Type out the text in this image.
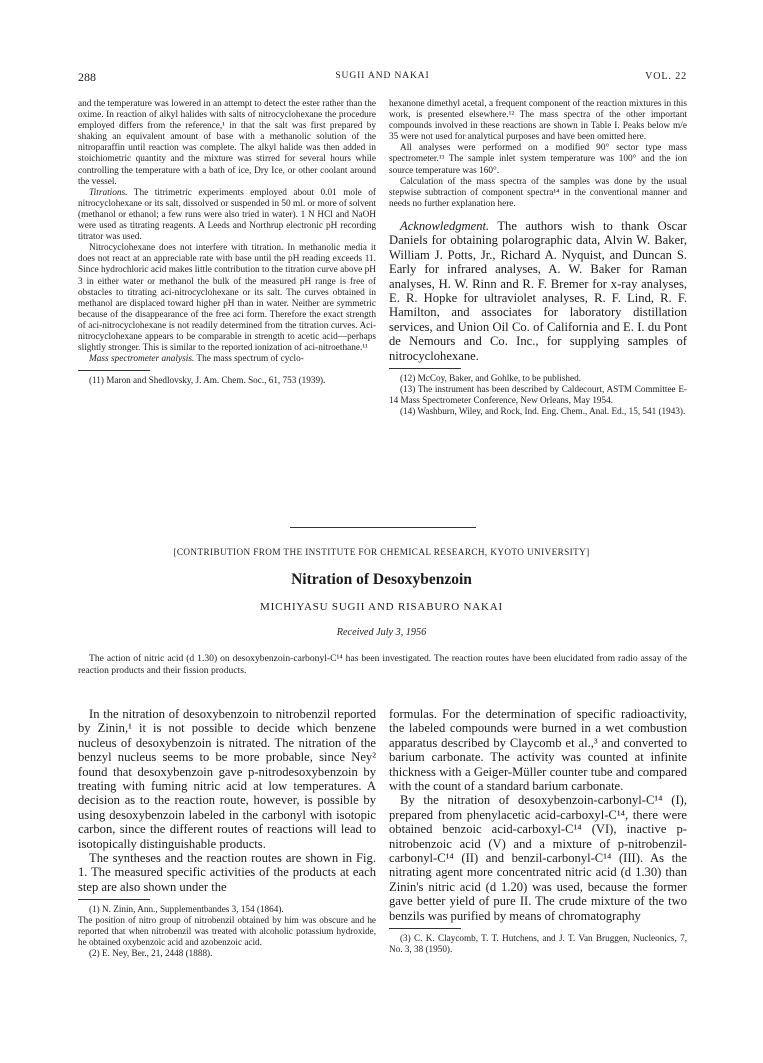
288	SUGII AND NAKAI	VOL. 22

and the temperature was lowered in an attempt to detect the ester rather than the oxime. In reaction of alkyl halides with salts of nitrocyclohexane the procedure employed differs from the reference,¹ in that the salt was first prepared by shaking an equivalent amount of base with a methanolic solution of the nitroparaffin until reaction was complete. The alkyl halide was then added in stoichiometric quantity and the mixture was stirred for several hours while controlling the temperature with a bath of ice, Dry Ice, or other coolant around the vessel.

Titrations. The titrimetric experiments employed about 0.01 mole of nitrocyclohexane or its salt, dissolved or suspended in 50 ml. or more of solvent (methanol or ethanol; a few runs were also tried in water). 1 N HCl and NaOH were used as titrating reagents. A Leeds and Northrup electronic pH recording titrator was used.

Nitrocyclohexane does not interfere with titration. In methanolic media it does not react at an appreciable rate with base until the pH reading exceeds 11. Since hydrochloric acid makes little contribution to the titration curve above pH 3 in either water or methanol the bulk of the measured pH range is free of obstacles to titrating aci-nitrocyclohexane or its salt. The curves obtained in methanol are displaced toward higher pH than in water. Neither are symmetric because of the disappearance of the free aci form. Therefore the exact strength of aci-nitrocyclohexane is not readily determined from the titration curves. Aci-nitrocyclohexane appears to be comparable in strength to acetic acid—perhaps slightly stronger. This is similar to the reported ionization of aci-nitroethane.¹¹

Mass spectrometer analysis. The mass spectrum of cyclo-

(11) Maron and Shedlovsky, J. Am. Chem. Soc., 61, 753 (1939).

hexanone dimethyl acetal, a frequent component of the reaction mixtures in this work, is presented elsewhere.¹² The mass spectra of the other important compounds involved in these reactions are shown in Table I. Peaks below m/e 35 were not used for analytical purposes and have been omitted here.

All analyses were performed on a modified 90° sector type mass spectrometer.¹³ The sample inlet system temperature was 100° and the ion source temperature was 160°.

Calculation of the mass spectra of the samples was done by the usual stepwise subtraction of component spectra¹⁴ in the conventional manner and needs no further explanation here.

Acknowledgment. The authors wish to thank Oscar Daniels for obtaining polarographic data, Alvin W. Baker, William J. Potts, Jr., Richard A. Nyquist, and Duncan S. Early for infrared analyses, A. W. Baker for Raman analyses, H. W. Rinn and R. F. Bremer for x-ray analyses, E. R. Hopke for ultraviolet analyses, R. F. Lind, R. F. Hamilton, and associates for laboratory distillation services, and Union Oil Co. of California and E. I. du Pont de Nemours and Co. Inc., for supplying samples of nitrocyclohexane.

(12) McCoy, Baker, and Gohlke, to be published.

(13) The instrument has been described by Caldecourt, ASTM Committee E-14 Mass Spectrometer Conference, New Orleans, May 1954.

(14) Washburn, Wiley, and Rock, Ind. Eng. Chem., Anal. Ed., 15, 541 (1943).

[CONTRIBUTION FROM THE INSTITUTE FOR CHEMICAL RESEARCH, KYOTO UNIVERSITY]
Nitration of Desoxybenzoin
MICHIYASU SUGII AND RISABURO NAKAI
Received July 3, 1956

The action of nitric acid (d 1.30) on desoxybenzoin-carbonyl-C¹⁴ has been investigated. The reaction routes have been elucidated from radio assay of the reaction products and their fission products.

In the nitration of desoxybenzoin to nitrobenzil reported by Zinin,¹ it is not possible to decide which benzene nucleus of desoxybenzoin is nitrated. The nitration of the benzyl nucleus seems to be more probable, since Ney² found that desoxybenzoin gave p-nitrodesoxybenzoin by treating with fuming nitric acid at low temperatures. A decision as to the reaction route, however, is possible by using desoxybenzoin labeled in the carbonyl with isotopic carbon, since the different routes of reactions will lead to isotopically distinguishable products.

The syntheses and the reaction routes are shown in Fig. 1. The measured specific activities of the products at each step are also shown under the

(1) N. Zinin, Ann., Supplementbandes 3, 154 (1864).

The position of nitro group of nitrobenzil obtained by him was obscure and he reported that when nitrobenzil was treated with alcoholic potassium hydroxide, he obtained oxybenzoic acid and azobenzoic acid.

(2) E. Ney, Ber., 21, 2448 (1888).

formulas. For the determination of specific radioactivity, the labeled compounds were burned in a wet combustion apparatus described by Claycomb et al.,³ and converted to barium carbonate. The activity was counted at infinite thickness with a Geiger-Müller counter tube and compared with the count of a standard barium carbonate.

By the nitration of desoxybenzoin-carbonyl-C¹⁴ (I), prepared from phenylacetic acid-carboxyl-C¹⁴, there were obtained benzoic acid-carboxyl-C¹⁴ (VI), inactive p-nitrobenzoic acid (V) and a mixture of p-nitrobenzil-carbonyl-C¹⁴ (II) and benzil-carbonyl-C¹⁴ (III). As the nitrating agent more concentrated nitric acid (d 1.30) than Zinin's nitric acid (d 1.20) was used, because the former gave better yield of pure II. The crude mixture of the two benzils was purified by means of chromatography

(3) C. K. Claycomb, T. T. Hutchens, and J. T. Van Bruggen, Nucleonics, 7, No. 3, 38 (1950).
